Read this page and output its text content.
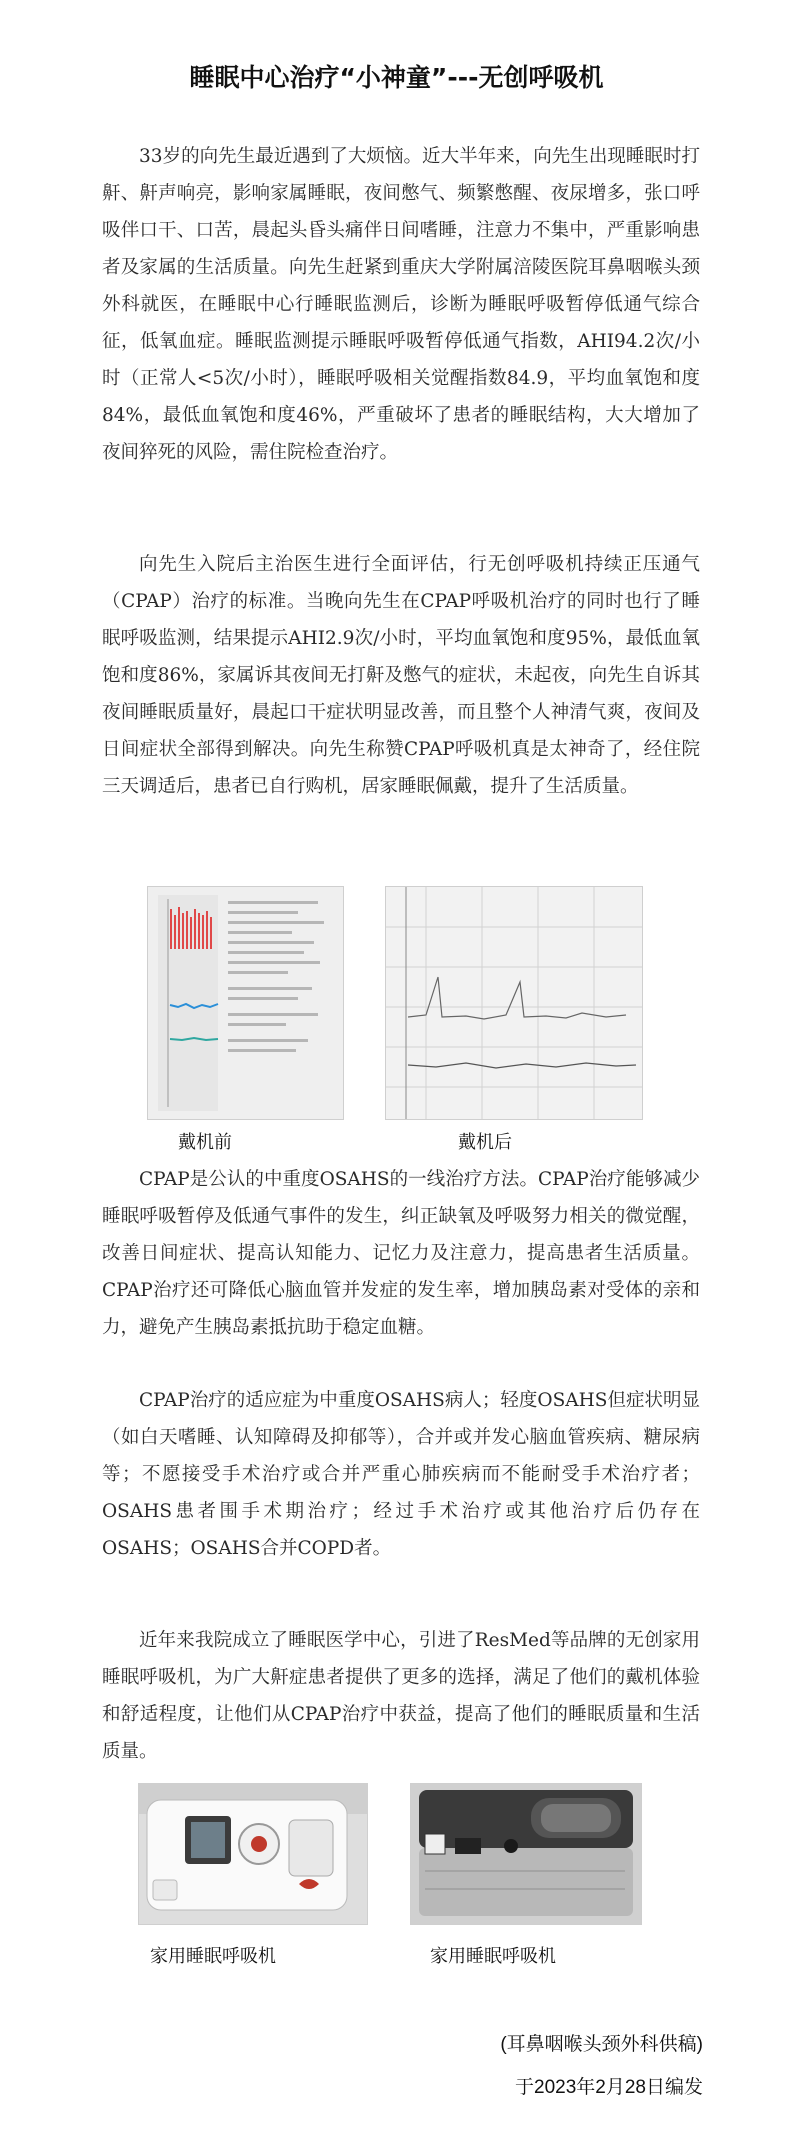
睡眠中心治疗“小神童”---无创呼吸机

33岁的向先生最近遇到了大烦恼。近大半年来，向先生出现睡眠时打鼾、鼾声响亮，影响家属睡眠，夜间憋气、频繁憋醒、夜尿增多，张口呼吸伴口干、口苦，晨起头昏头痛伴日间嗜睡，注意力不集中，严重影响患者及家属的生活质量。向先生赶紧到重庆大学附属涪陵医院耳鼻咽喉头颈外科就医，在睡眠中心行睡眠监测后，诊断为睡眠呼吸暂停低通气综合征，低氧血症。睡眠监测提示睡眠呼吸暂停低通气指数，AHI94.2次/小时（正常人<5次/小时），睡眠呼吸相关觉醒指数84.9，平均血氧饱和度84%，最低血氧饱和度46%，严重破坏了患者的睡眠结构，大大增加了夜间猝死的风险，需住院检查治疗。

向先生入院后主治医生进行全面评估，行无创呼吸机持续正压通气（CPAP）治疗的标准。当晚向先生在CPAP呼吸机治疗的同时也行了睡眠呼吸监测，结果提示AHI2.9次/小时，平均血氧饱和度95%，最低血氧饱和度86%，家属诉其夜间无打鼾及憋气的症状，未起夜，向先生自诉其夜间睡眠质量好，晨起口干症状明显改善，而且整个人神清气爽，夜间及日间症状全部得到解决。向先生称赞CPAP呼吸机真是太神奇了，经住院三天调适后，患者已自行购机，居家睡眠佩戴，提升了生活质量。

戴机前	戴机后

CPAP是公认的中重度OSAHS的一线治疗方法。CPAP治疗能够减少睡眠呼吸暂停及低通气事件的发生，纠正缺氧及呼吸努力相关的微觉醒，改善日间症状、提高认知能力、记忆力及注意力，提高患者生活质量。CPAP治疗还可降低心脑血管并发症的发生率，增加胰岛素对受体的亲和力，避免产生胰岛素抵抗助于稳定血糖。

CPAP治疗的适应症为中重度OSAHS病人；轻度OSAHS但症状明显（如白天嗜睡、认知障碍及抑郁等），合并或并发心脑血管疾病、糖尿病等；不愿接受手术治疗或合并严重心肺疾病而不能耐受手术治疗者；OSAHS患者围手术期治疗；经过手术治疗或其他治疗后仍存在OSAHS；OSAHS合并COPD者。

近年来我院成立了睡眠医学中心，引进了ResMed等品牌的无创家用睡眠呼吸机，为广大鼾症患者提供了更多的选择，满足了他们的戴机体验和舒适程度，让他们从CPAP治疗中获益，提高了他们的睡眠质量和生活质量。

家用睡眠呼吸机	家用睡眠呼吸机
(耳鼻咽喉头颈外科供稿)
于2023年2月28日编发
